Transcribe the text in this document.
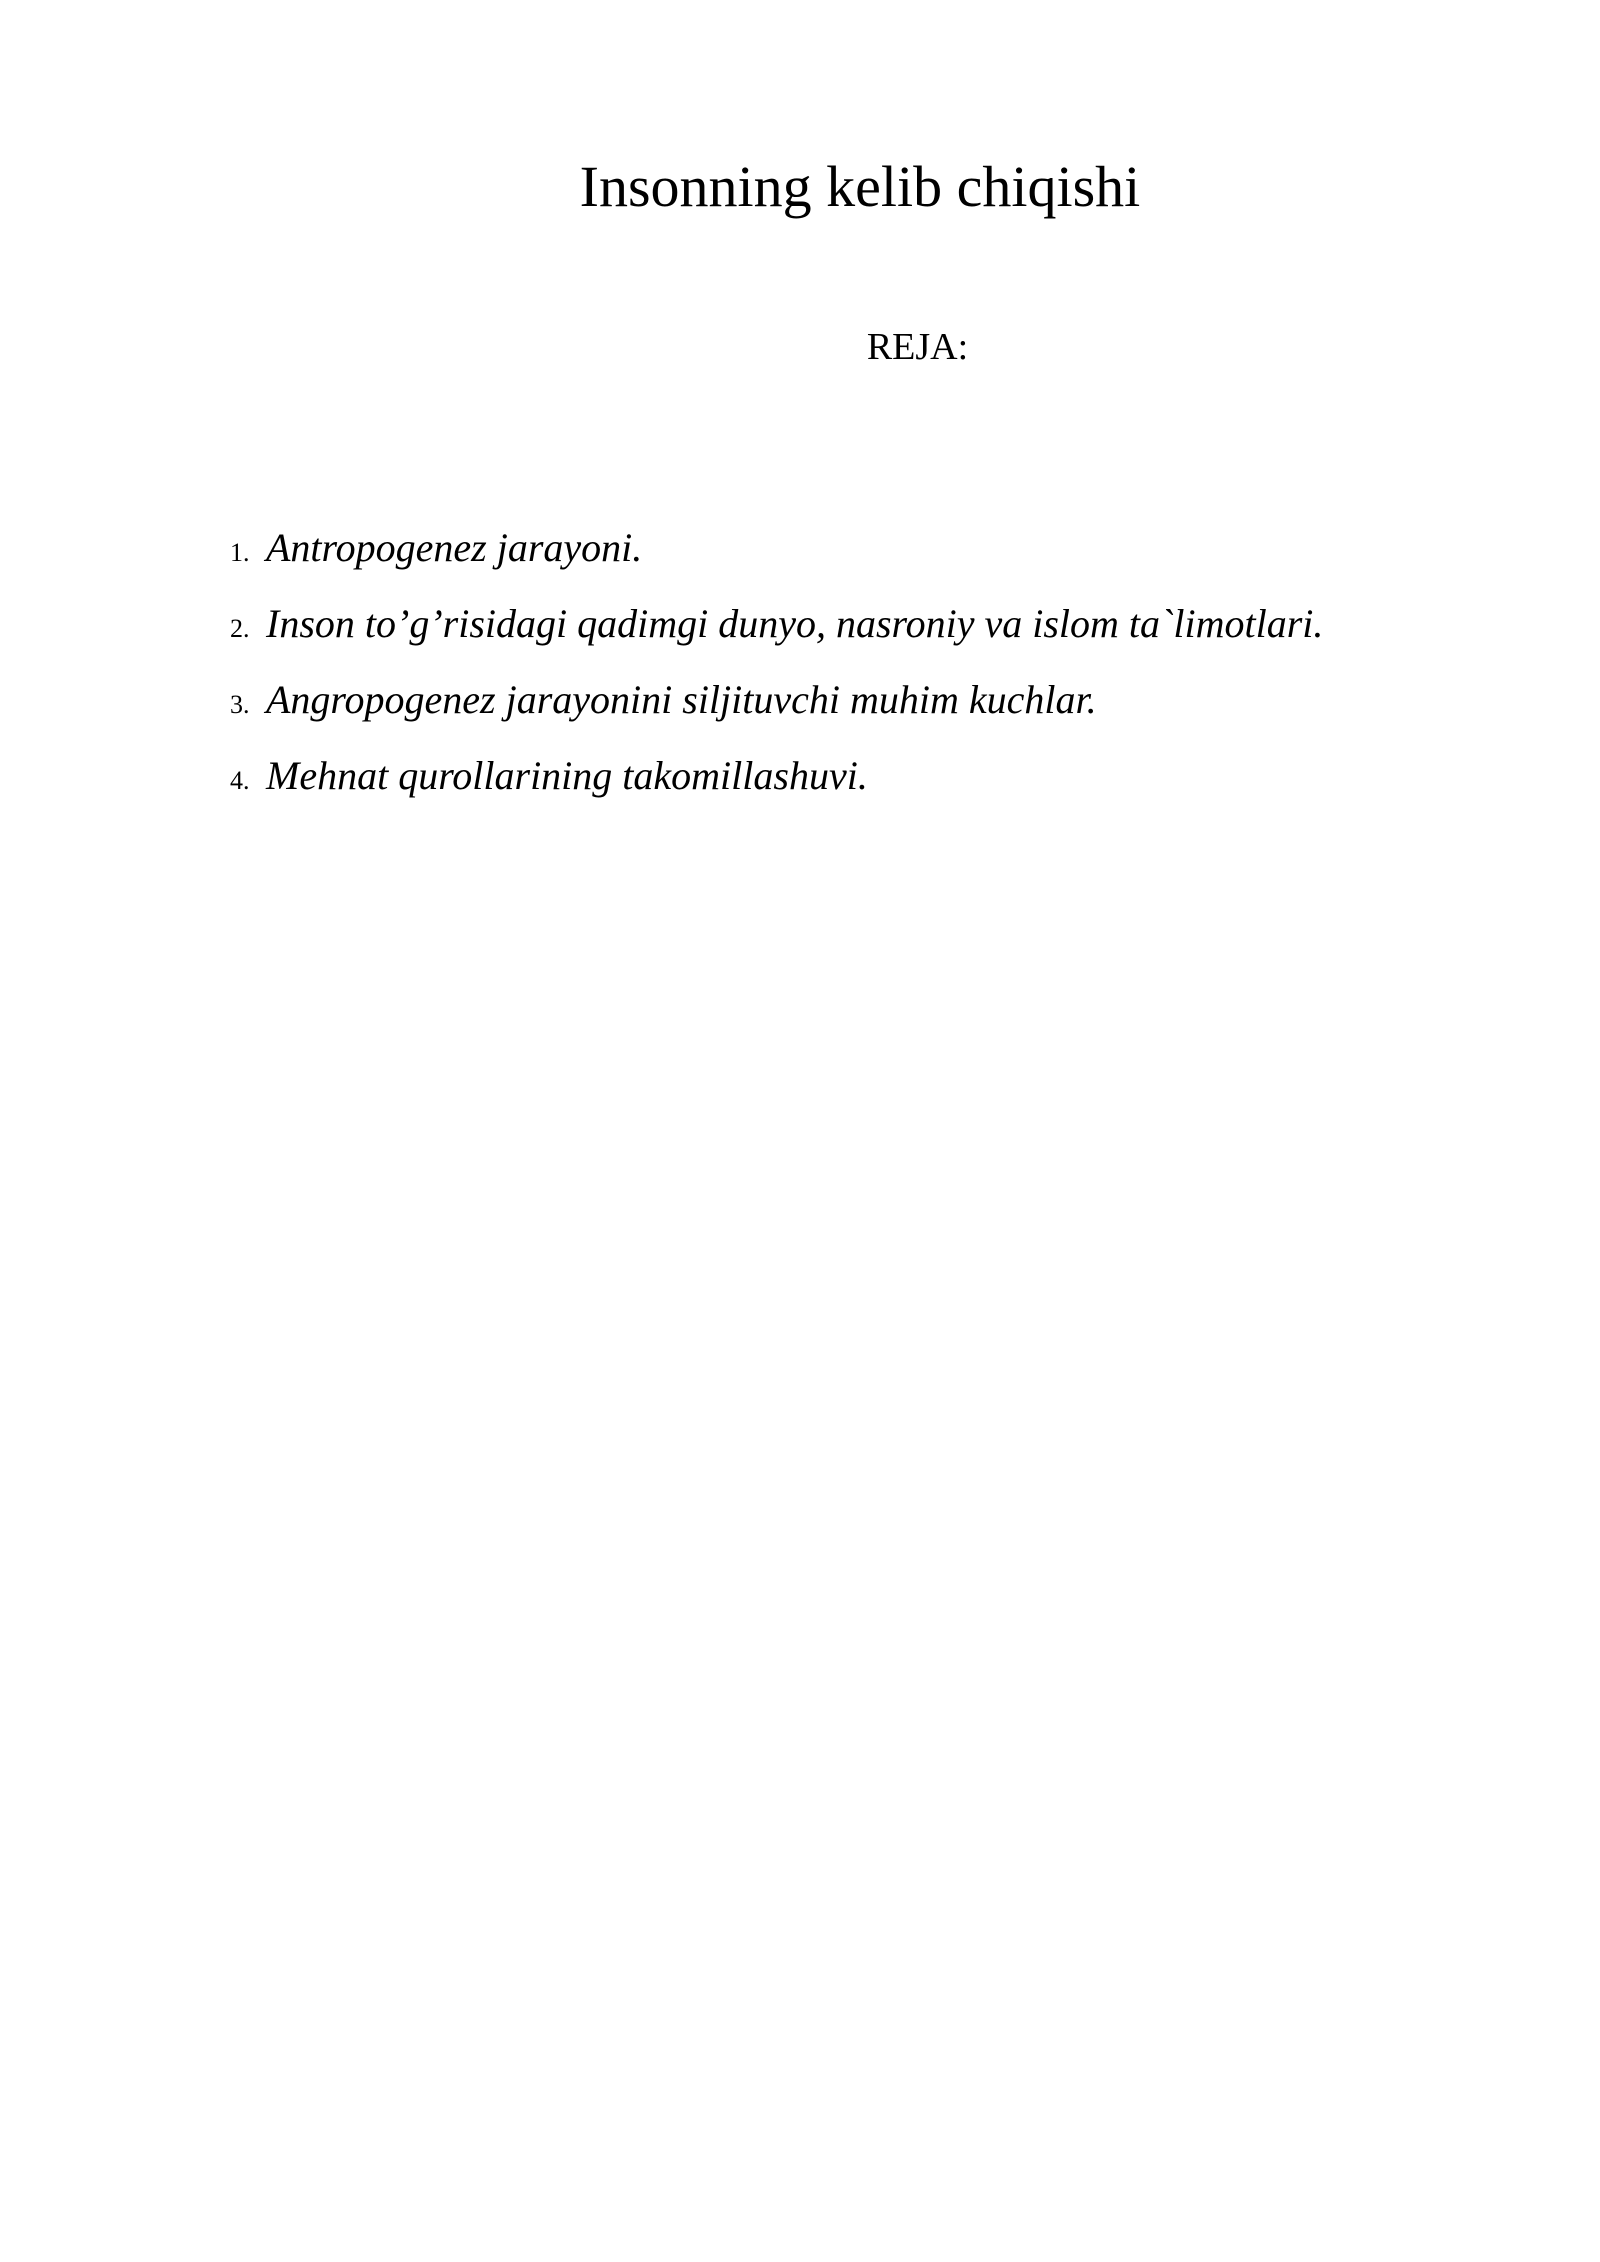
Insonning kelib chiqishi
REJA:
1. Antropogenez jarayoni.
2. Inson to’g’risidagi qadimgi dunyo, nasroniy va islom ta`limotlari.
3. Angropogenez jarayonini siljituvchi muhim kuchlar.
4. Mehnat qurollarining takomillashuvi.
